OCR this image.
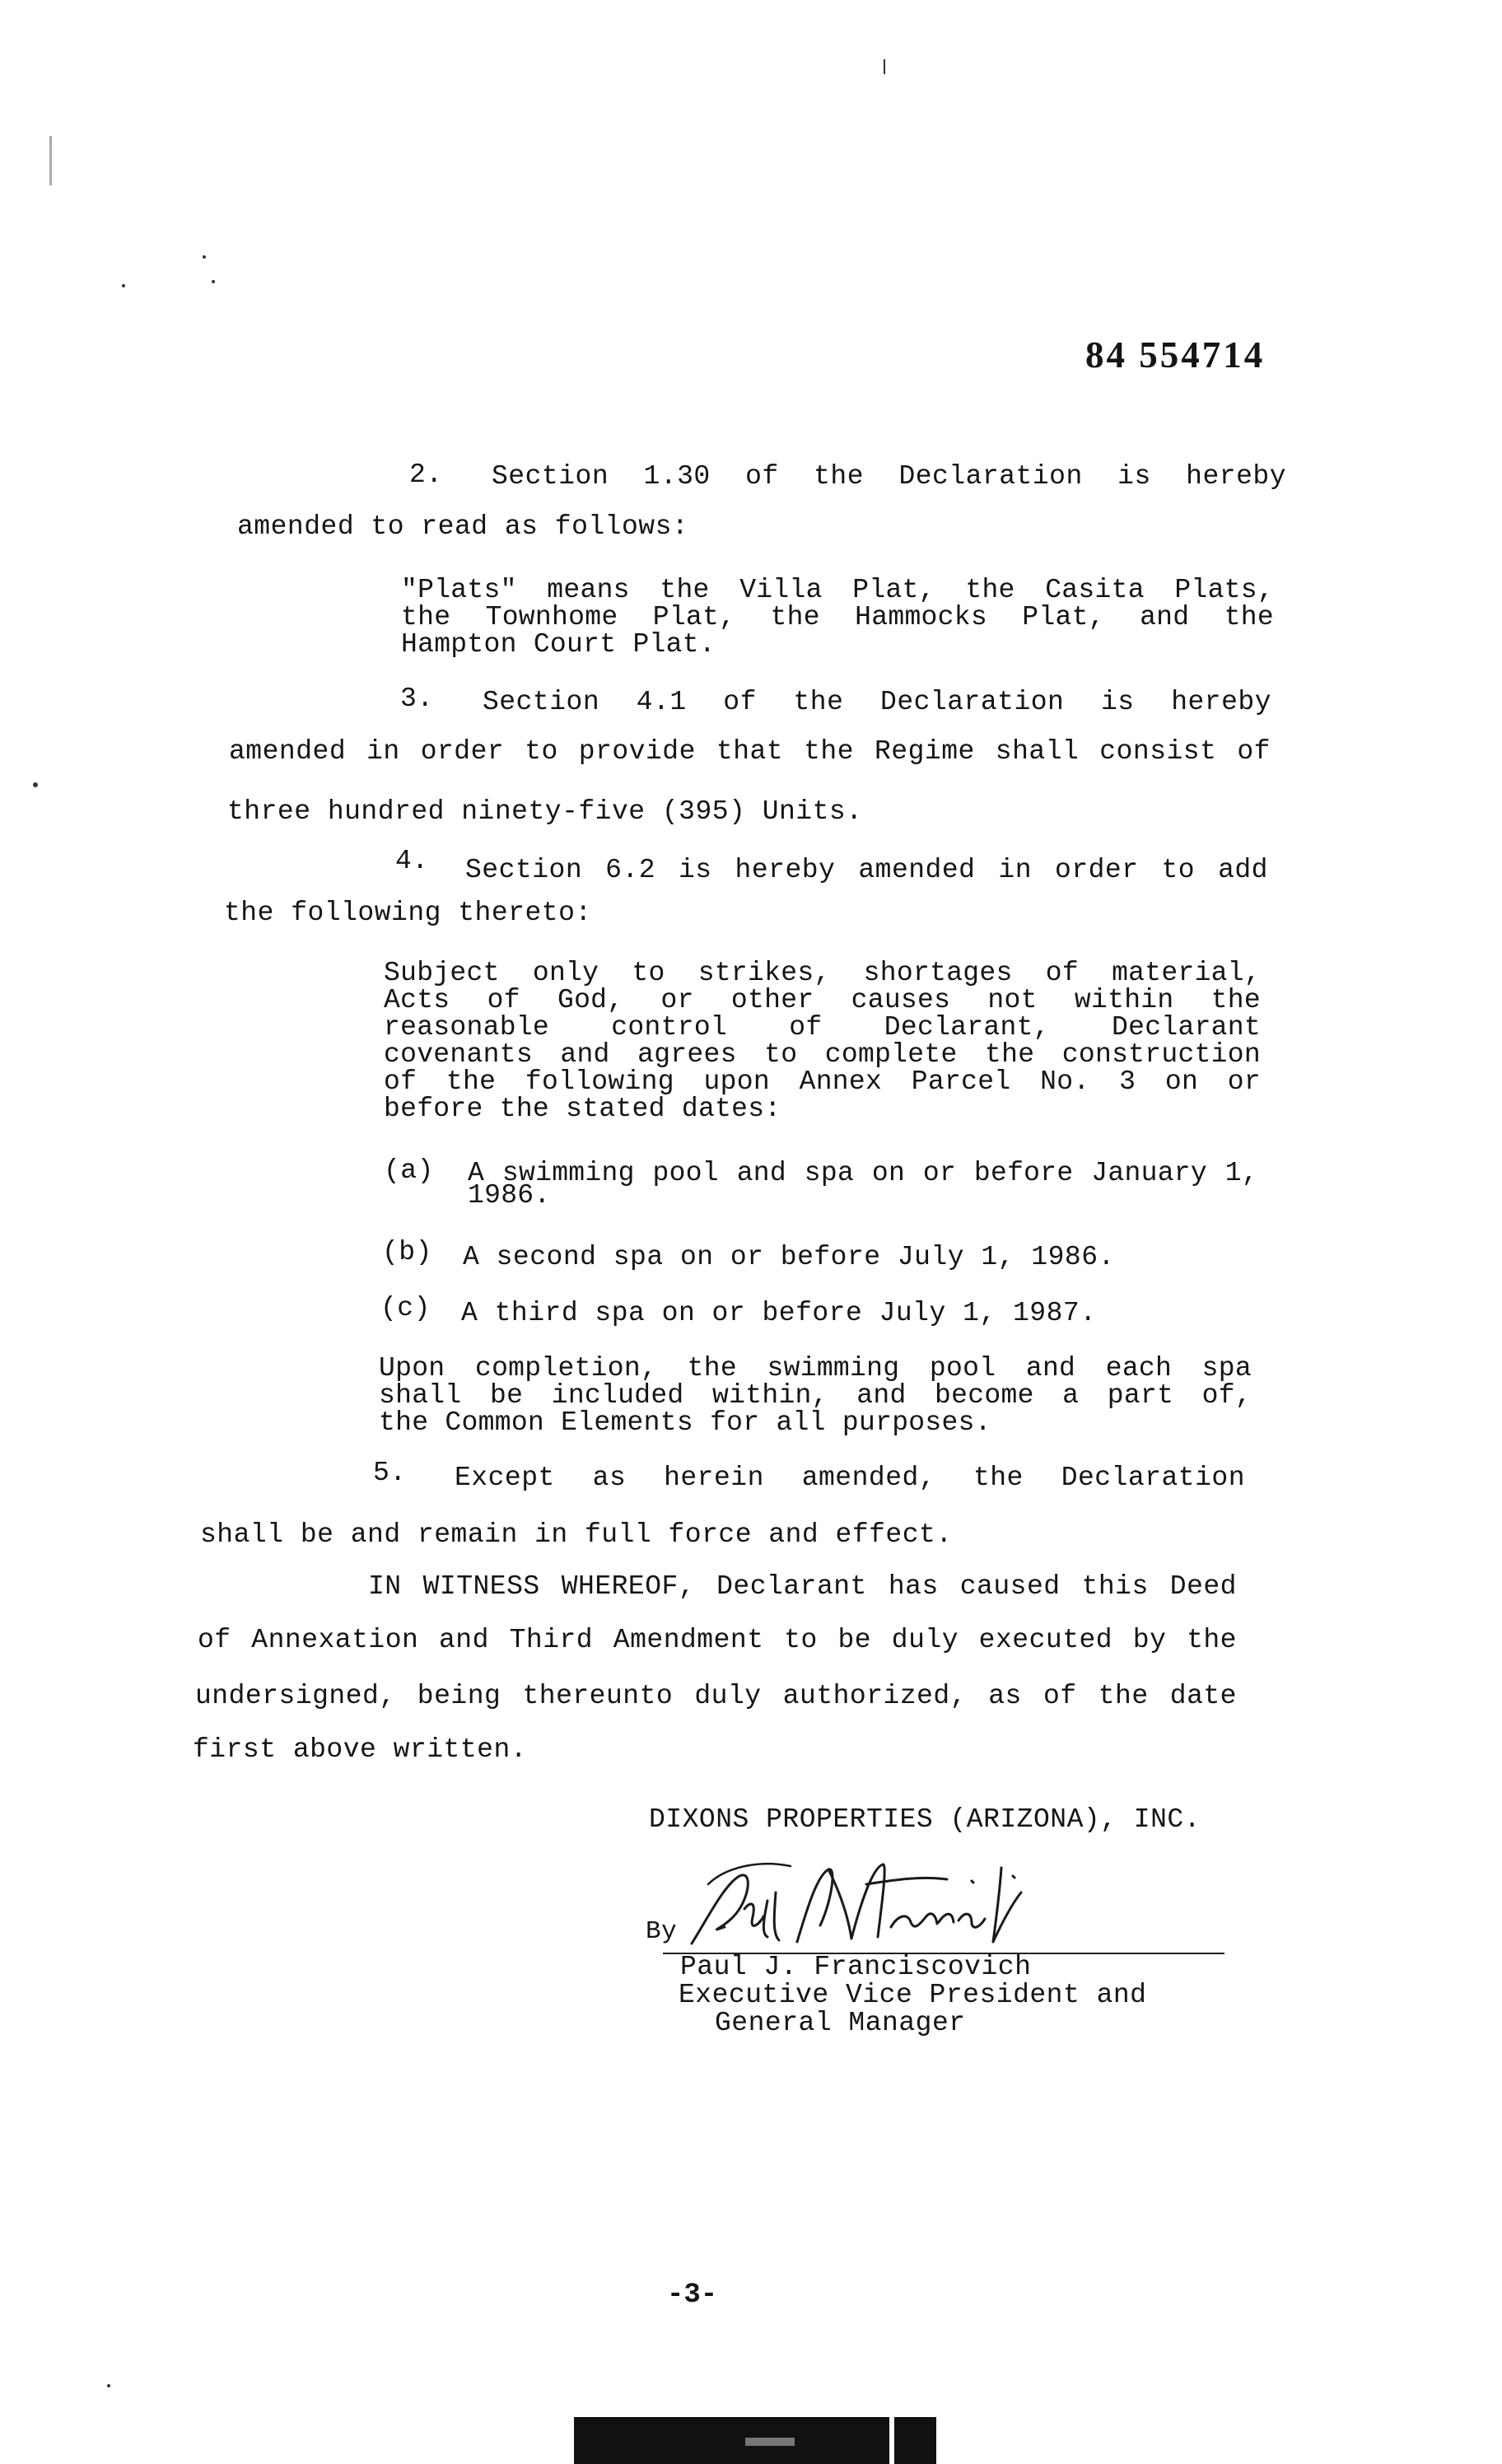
84 554714
2. Section 1.30 of the Declaration is hereby
amended to read as follows:
"Plats" means the Villa Plat, the Casita Plats,
the Townhome Plat, the Hammocks Plat, and the
Hampton Court Plat.
3. Section 4.1 of the Declaration is hereby
amended in order to provide that the Regime shall consist of
three hundred ninety-five (395) Units.
4. Section 6.2 is hereby amended in order to add
the following thereto:
Subject only to strikes, shortages of material,
Acts of God, or other causes not within the
reasonable control of Declarant, Declarant
covenants and agrees to complete the construction
of the following upon Annex Parcel No. 3 on or
before the stated dates:
(a) A swimming pool and spa on or before January 1,
1986.
(b) A second spa on or before July 1, 1986.
(c) A third spa on or before July 1, 1987.
Upon completion, the swimming pool and each spa
shall be included within, and become a part of,
the Common Elements for all purposes.
5. Except as herein amended, the Declaration
shall be and remain in full force and effect.
IN WITNESS WHEREOF, Declarant has caused this Deed
of Annexation and Third Amendment to be duly executed by the
undersigned, being thereunto duly authorized, as of the date
first above written.
DIXONS PROPERTIES (ARIZONA), INC.
By
Paul J. Franciscovich
Executive Vice President and
General Manager
-3-
